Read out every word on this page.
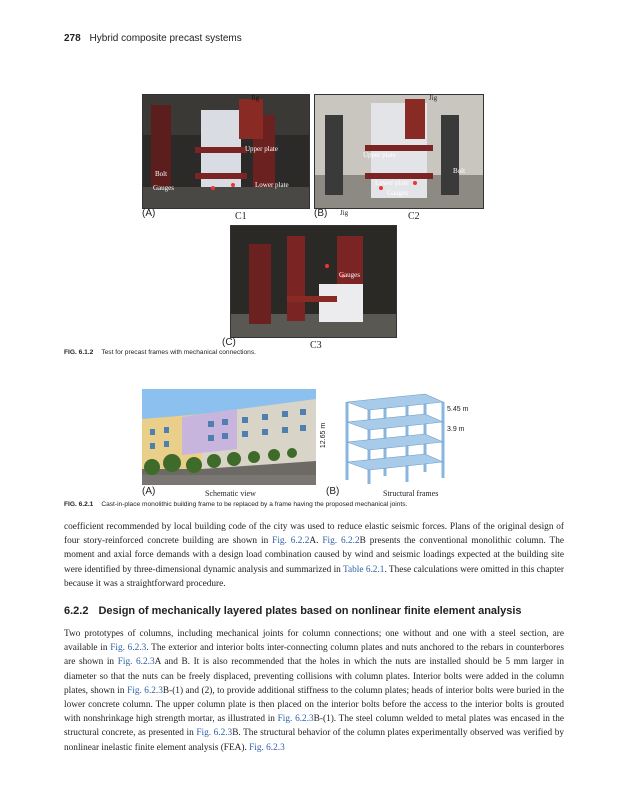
278 Hybrid composite precast systems
Jig
Upper plate
Bolt
Gauges	Lower plate
(A)	C1
Jig
Upper plate
Bolt
Lower plate
Gauges
(B) Jig	C2
Gauges
(C)	C3
FIG. 6.1.2 Test for precast frames with mechanical connections.
(A)	Schematic view
12.65 m
5.45 m
3.9 m
(B)	Structural frames
FIG. 6.2.1 Cast-in-place monolithic building frame to be replaced by a frame having the proposed mechanical joints.

coefficient recommended by local building code of the city was used to reduce elastic seismic forces. Plans of the original design of four story-reinforced concrete building are shown in Fig. 6.2.2A. Fig. 6.2.2B presents the conventional monolithic column. The moment and axial force demands with a design load combination caused by wind and seismic loadings expected at the building site were identified by three-dimensional dynamic analysis and summarized in Table 6.2.1. These calculations were omitted in this chapter because it was a straightforward procedure.

6.2.2 Design of mechanically layered plates based on nonlinear finite element analysis

Two prototypes of columns, including mechanical joints for column connections; one without and one with a steel section, are available in Fig. 6.2.3. The exterior and interior bolts inter-connecting column plates and nuts anchored to the rebars in counterbores are shown in Fig. 6.2.3A and B. It is also recommended that the holes in which the nuts are installed should be 5 mm larger in diameter so that the nuts can be freely displaced, preventing collisions with column plates. Interior bolts were added in the column plates, shown in Fig. 6.2.3B-(1) and (2), to provide additional stiffness to the column plates; heads of interior bolts were buried in the lower concrete column. The upper column plate is then placed on the interior bolts before the access to the interior bolts is grouted with nonshrinkage high strength mortar, as illustrated in Fig. 6.2.3B-(1). The steel column welded to metal plates was encased in the structural concrete, as presented in Fig. 6.2.3B. The structural behavior of the column plates experimentally observed was verified by nonlinear inelastic finite element analysis (FEA). Fig. 6.2.3
